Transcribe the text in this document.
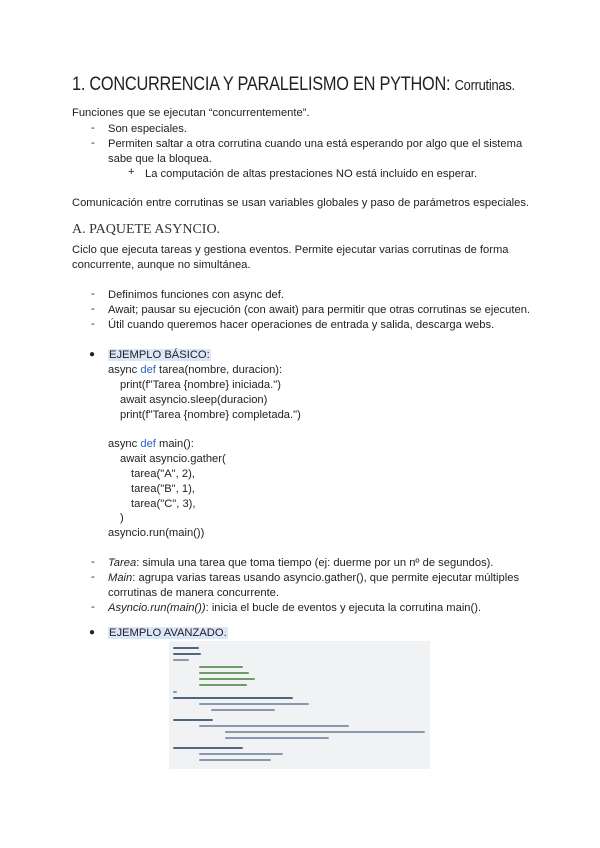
1. CONCURRENCIA Y PARALELISMO EN PYTHON: Corrutinas.
Funciones que se ejecutan “concurrentemente”.
- Son especiales.
- Permiten saltar a otra corrutina cuando una está esperando por algo que el sistema
sabe que la bloquea.
+ La computación de altas prestaciones NO está incluido en esperar.
Comunicación entre corrutinas se usan variables globales y paso de parámetros especiales.
A. PAQUETE ASYNCIO.
Ciclo que ejecuta tareas y gestiona eventos. Permite ejecutar varias corrutinas de forma
concurrente, aunque no simultánea.
- Definimos funciones con async def.
- Await; pausar su ejecución (con await) para permitir que otras corrutinas se ejecuten.
- Útil cuando queremos hacer operaciones de entrada y salida, descarga webs.
● EJEMPLO BÁSICO:
async def tarea(nombre, duracion):
print(f"Tarea {nombre} iniciada.")
await asyncio.sleep(duracion)
print(f"Tarea {nombre} completada.")
async def main():
await asyncio.gather(
tarea("A", 2),
tarea("B", 1),
tarea("C", 3),
)
asyncio.run(main())
- Tarea: simula una tarea que toma tiempo (ej: duerme por un nº de segundos).
- Main: agrupa varias tareas usando asyncio.gather(), que permite ejecutar múltiples
corrutinas de manera concurrente.
- Asyncio.run(main()): inicia el bucle de eventos y ejecuta la corrutina main().
● EJEMPLO AVANZADO.
